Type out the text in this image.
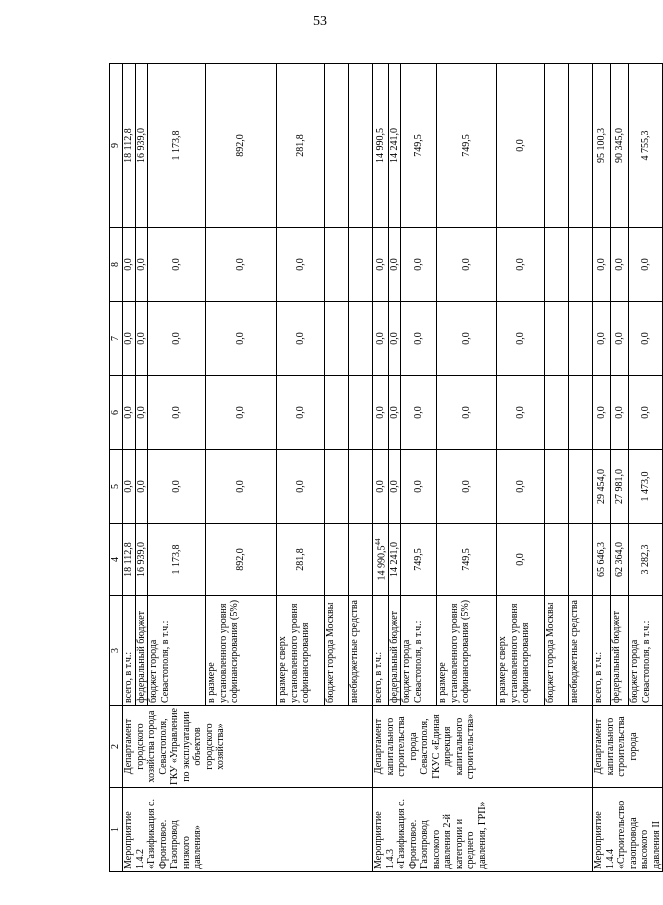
53
1	2	3	4	5	6	7	8	9
Мероприятие 1.4.2 «Газификация с. Фронтовое. Газопровод низкого давления»	Департамент городского хозяйства города Севастополя, ГКУ «Управление по эксплуатации объектов городского хозяйства»	всего, в т.ч.:	18 112,8	0,0	0,0	0,0	0,0	18 112,8
		федеральный бюджет	16 939,0	0,0	0,0	0,0	0,0	16 939,0
		бюджет города Севастополя, в т.ч.:	1 173,8	0,0	0,0	0,0	0,0	1 173,8
		в размере установленного уровня софинансирования (5%)	892,0	0,0	0,0	0,0	0,0	892,0
		в размере сверх установленного уровня софинансирования	281,8	0,0	0,0	0,0	0,0	281,8
		бюджет города Москвы						
		внебюджетные средства						
Мероприятие 1.4.3 «Газификация с. Фронтовое. Газопровод высокого давления 2-й категории и среднего давления, ГРП»	Департамент капитального строительства города Севастополя, ГКУС «Единая дирекция капитального строительства»	всего, в т.ч.:	14 990,5$^{44}$	0,0	0,0	0,0	0,0	14 990,5
		федеральный бюджет	14 241,0	0,0	0,0	0,0	0,0	14 241,0
		бюджет города Севастополя, в т.ч.:	749,5	0,0	0,0	0,0	0,0	749,5
		в размере установленного уровня софинансирования (5%)	749,5	0,0	0,0	0,0	0,0	749,5
		в размере сверх установленного уровня софинансирования	0,0	0,0	0,0	0,0	0,0	0,0
		бюджет города Москвы						
		внебюджетные средства						
Мероприятие 1.4.4 «Строительство газопровода высокого давления II	Департамент капитального строительства города	всего, в т.ч.:	65 646,3	29 454,0	0,0	0,0	0,0	95 100,3
		федеральный бюджет	62 364,0	27 981,0	0,0	0,0	0,0	90 345,0
		бюджет города Севастополя, в т.ч.:	3 282,3	1 473,0	0,0	0,0	0,0	4 755,3
